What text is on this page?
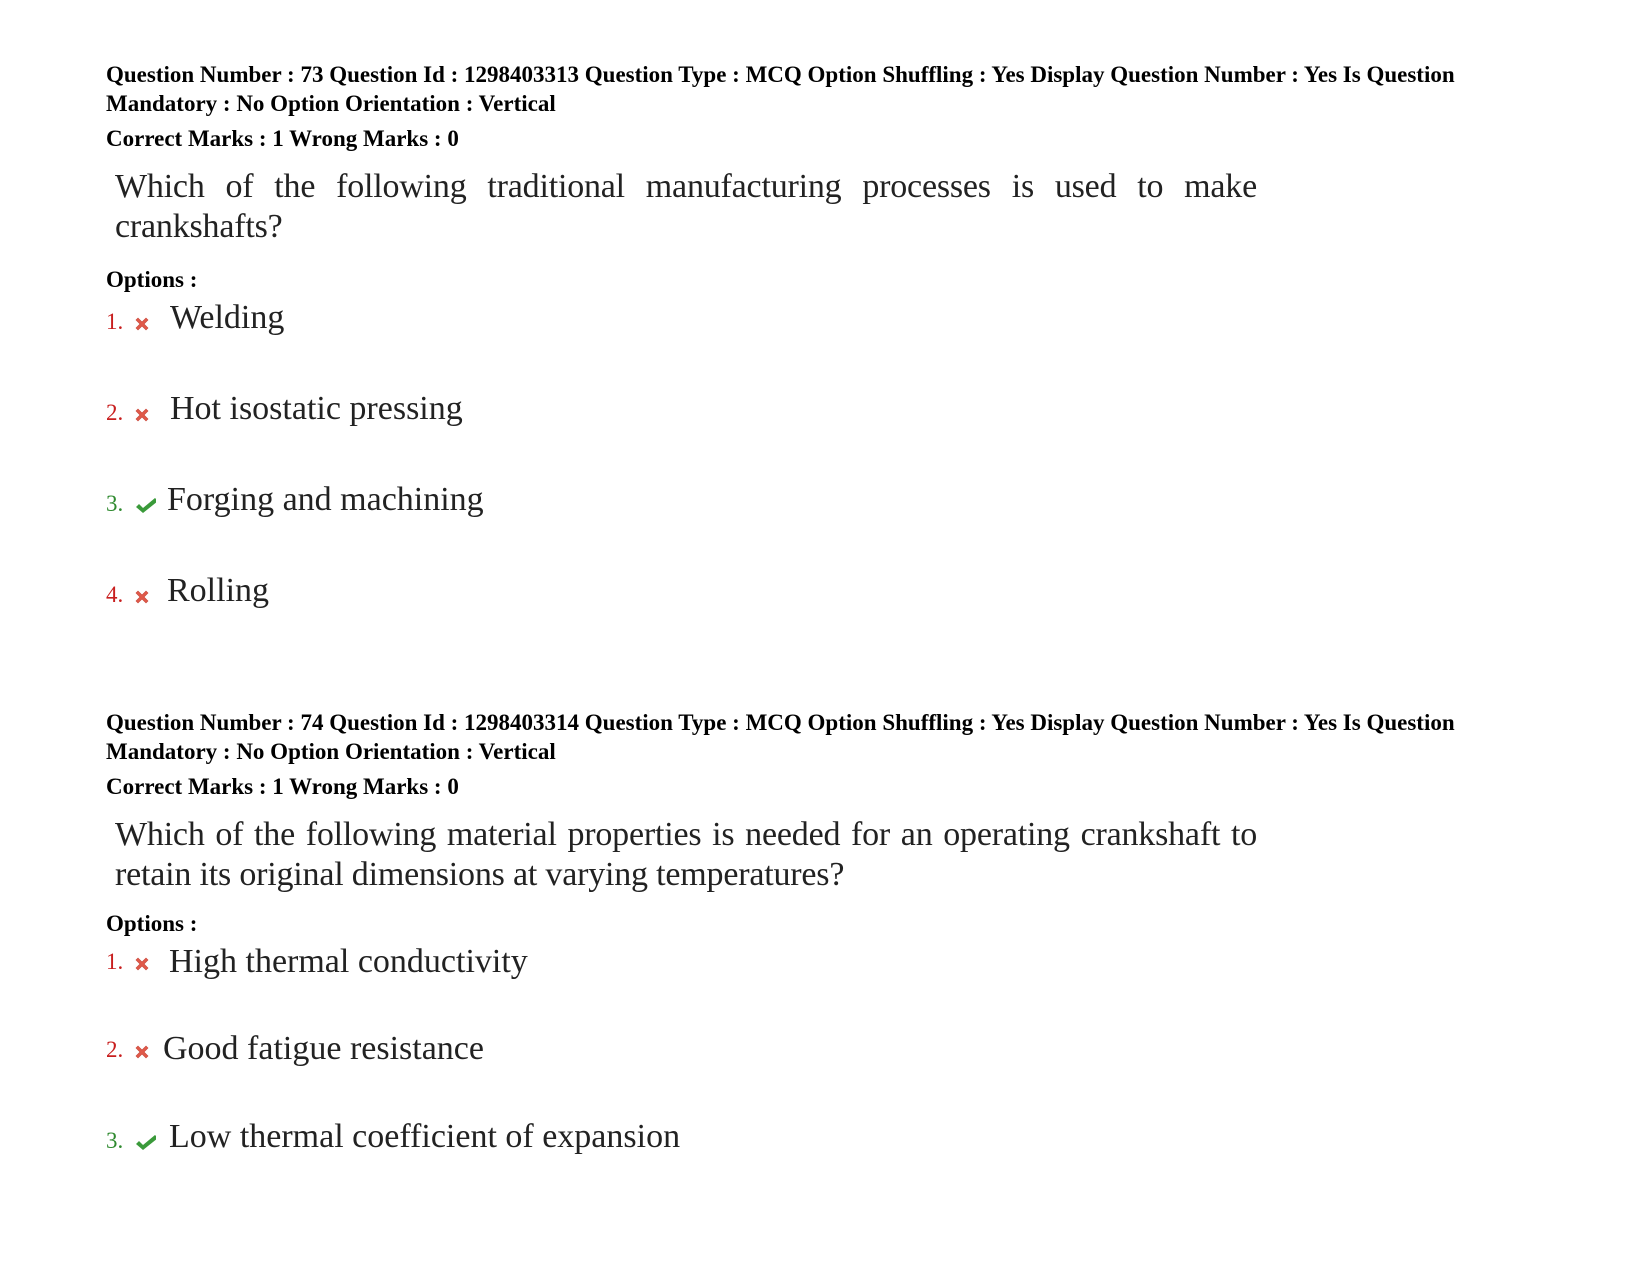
Question Number : 73 Question Id : 1298403313 Question Type : MCQ Option Shuffling : Yes Display Question Number : Yes Is Question Mandatory : No Option Orientation : Vertical

Correct Marks : 1 Wrong Marks : 0

Which of the following traditional manufacturing processes is used to make crankshafts?

Options :

1. Welding
2. Hot isostatic pressing
3. Forging and machining
4. Rolling

Question Number : 74 Question Id : 1298403314 Question Type : MCQ Option Shuffling : Yes Display Question Number : Yes Is Question Mandatory : No Option Orientation : Vertical

Correct Marks : 1 Wrong Marks : 0

Which of the following material properties is needed for an operating crankshaft to retain its original dimensions at varying temperatures?

Options :

1. High thermal conductivity
2. Good fatigue resistance
3. Low thermal coefficient of expansion
